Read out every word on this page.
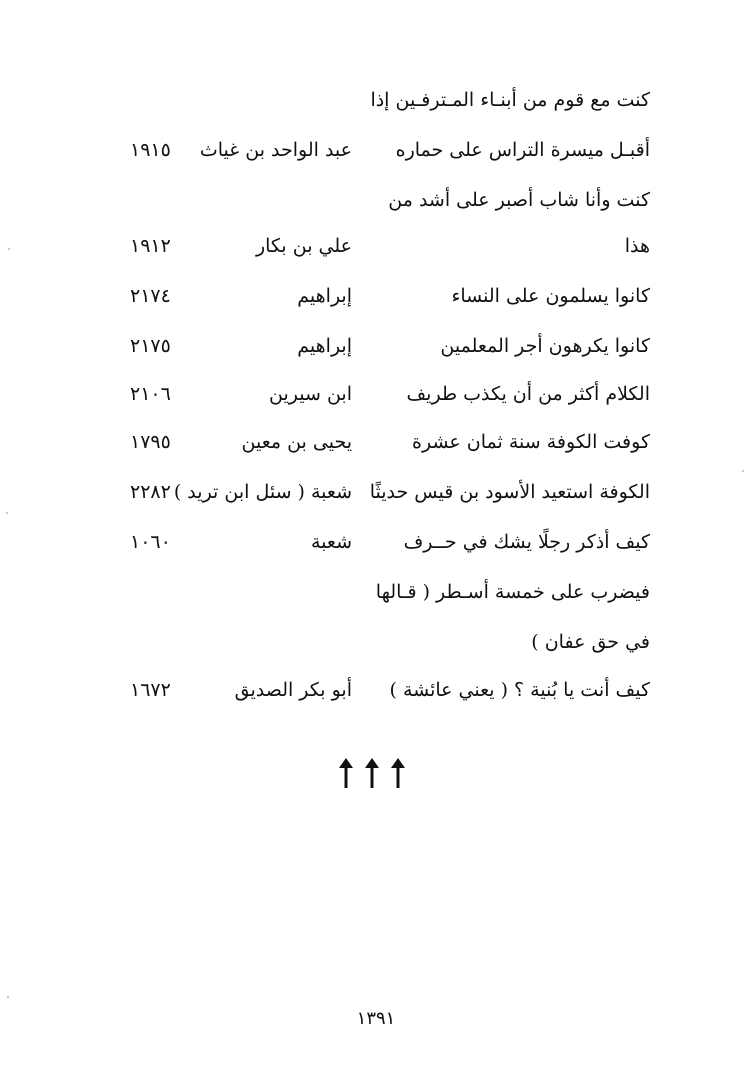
كنت مع قوم من أبنـاء المـترفـين إذا
أقبـل ميسرة التراس على حماره
عبد الواحد بن غياث
١٩١٥
كنت وأنا شاب أصبر على أشد من
هذا
علي بن بكار
١٩١٢
كانوا يسلمون على النساء
إبراهيم
٢١٧٤
كانوا يكرهون أجر المعلمين
إبراهيم
٢١٧٥
الكلام أكثر من أن يكذب طريف
ابن سيرين
٢١٠٦
كوفت الكوفة سنة ثمان عشرة
يحيى بن معين
١٧٩٥
الكوفة استعيد الأسود بن قيس حديثًا
شعبة ( سئل ابن تريد )
٢٢٨٢
كيف أذكر رجلًا يشك في حــرف
شعبة
١٠٦٠
فيضرب على خمسة أسـطر ( قـالها
في حق عفان )
كيف أنت يا بُنية ؟ ( يعني عائشة )
أبو بكر الصديق
١٦٧٢
١٣٩١
